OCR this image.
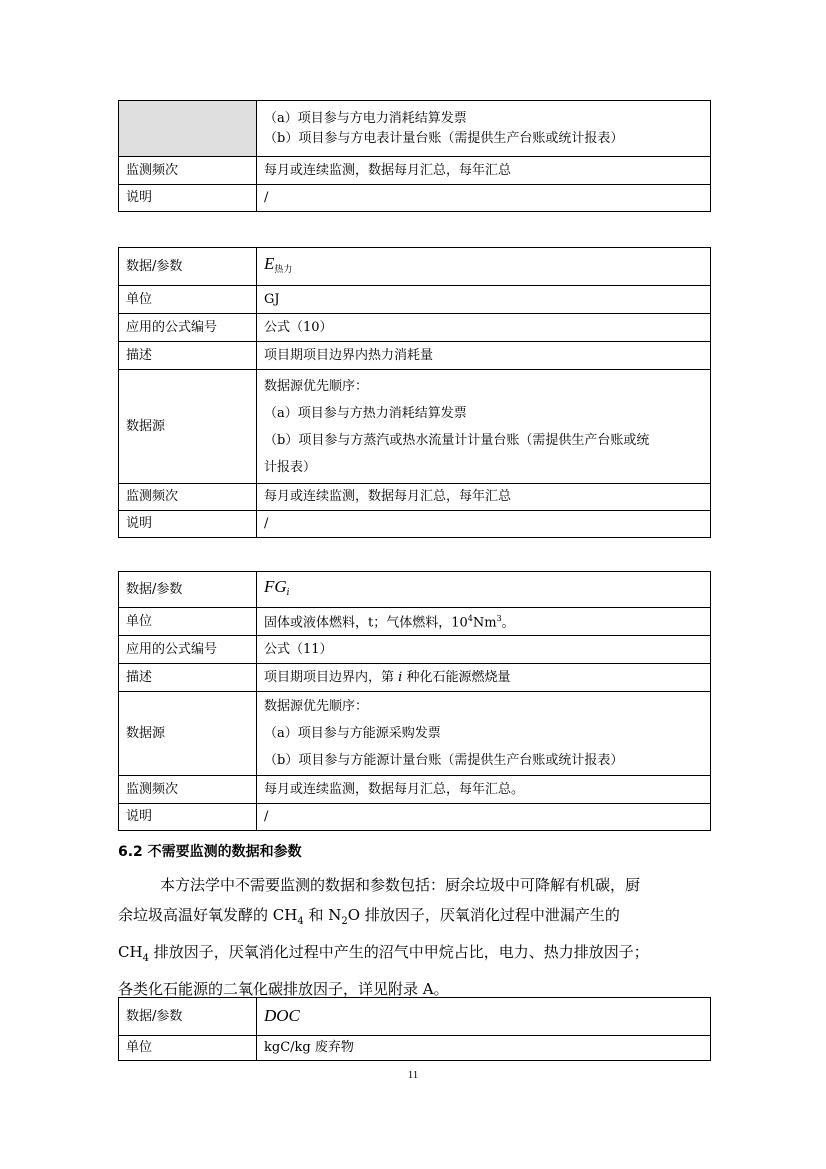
	（a）项目参与方电力消耗结算发票
（b）项目参与方电表计量台账（需提供生产台账或统计报表）

监测频次	每月或连续监测，数据每月汇总，每年汇总
说明	/
数据/参数	$E_{热力}$
单位	GJ
应用的公式编号	公式（10）
描述	项目期项目边界内热力消耗量
数据源	数据源优先顺序：
（a）项目参与方热力消耗结算发票
（b）项目参与方蒸汽或热水流量计计量台账（需提供生产台账或统
计报表）

监测频次	每月或连续监测，数据每月汇总，每年汇总
说明	/
数据/参数	$FG_i$
单位	固体或液体燃料，t；气体燃料，$10^4Nm^3$。
应用的公式编号	公式（11）
描述	项目期项目边界内，第 i 种化石能源燃烧量
数据源	数据源优先顺序：
（a）项目参与方能源采购发票
（b）项目参与方能源计量台账（需提供生产台账或统计报表）

监测频次	每月或连续监测，数据每月汇总，每年汇总。
说明	/
6.2 不需要监测的数据和参数
本方法学中不需要监测的数据和参数包括：厨余垃圾中可降解有机碳，厨
余垃圾高温好氧发酵的 $CH_4$ 和 $N_2O$ 排放因子，厌氧消化过程中泄漏产生的
$CH_4$ 排放因子，厌氧消化过程中产生的沼气中甲烷占比，电力、热力排放因子；
各类化石能源的二氧化碳排放因子，详见附录 A。
数据/参数	DOC
单位	kgC/kg 废弃物
11
